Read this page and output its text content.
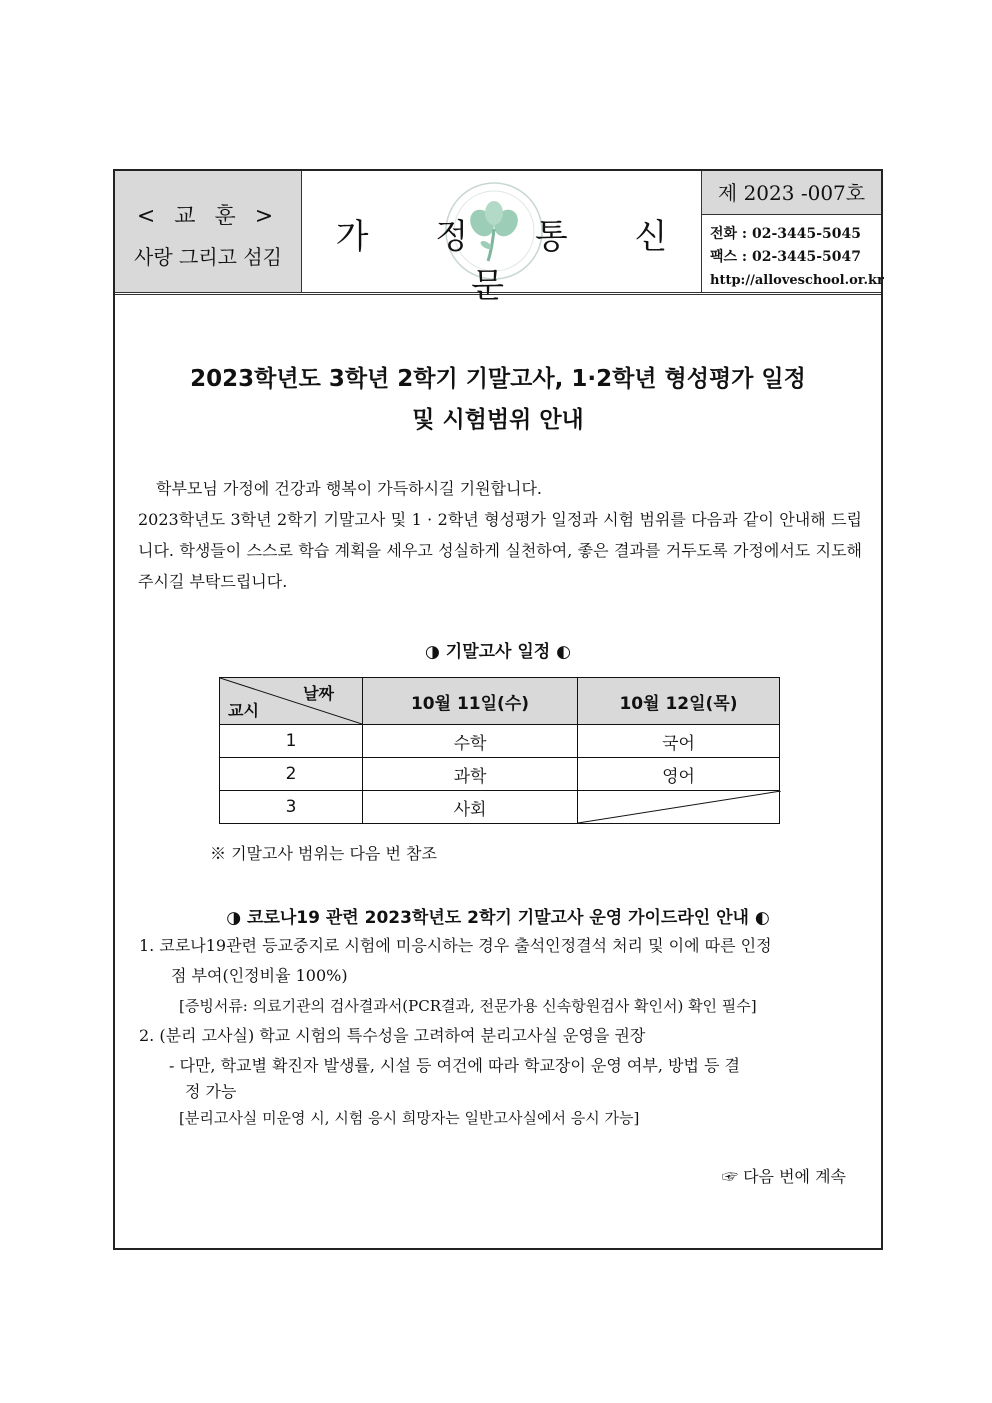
< 교 훈 >
사랑 그리고 섬김	가 정 통 신 문
제 2023 -007호
전화 : 02-3445-5045
팩스 : 02-3445-5047
http://alloveschool.or.kr
2023학년도 3학년 2학기 기말고사, 1·2학년 형성평가 일정
및 시험범위 안내

학부모님 가정에 건강과 행복이 가득하시길 기원합니다.

2023학년도 3학년 2학기 기말고사 및 1 · 2학년 형성평가 일정과 시험 범위를 다음과 같이 안내해 드립니다. 학생들이 스스로 학습 계획을 세우고 성실하게 실천하여, 좋은 결과를 거두도록 가정에서도 지도해 주시길 부탁드립니다.

◑ 기말고사 일정 ◐
날짜
교시	10월 11일(수)	10월 12일(목)
1	수학	국어
2	과학	영어
3	사회	
※ 기말고사 범위는 다음 번 참조
◑ 코로나19 관련 2023학년도 2학기 기말고사 운영 가이드라인 안내 ◐
1. 코로나19관련 등교중지로 시험에 미응시하는 경우 출석인정결석 처리 및 이에 따른 인정
점 부여(인정비율 100%)
[증빙서류: 의료기관의 검사결과서(PCR결과, 전문가용 신속항원검사 확인서) 확인 필수]
2. (분리 고사실) 학교 시험의 특수성을 고려하여 분리고사실 운영을 권장
- 다만, 학교별 확진자 발생률, 시설 등 여건에 따라 학교장이 운영 여부, 방법 등 결
정 가능
[분리고사실 미운영 시, 시험 응시 희망자는 일반고사실에서 응시 가능]
☞ 다음 번에 계속
